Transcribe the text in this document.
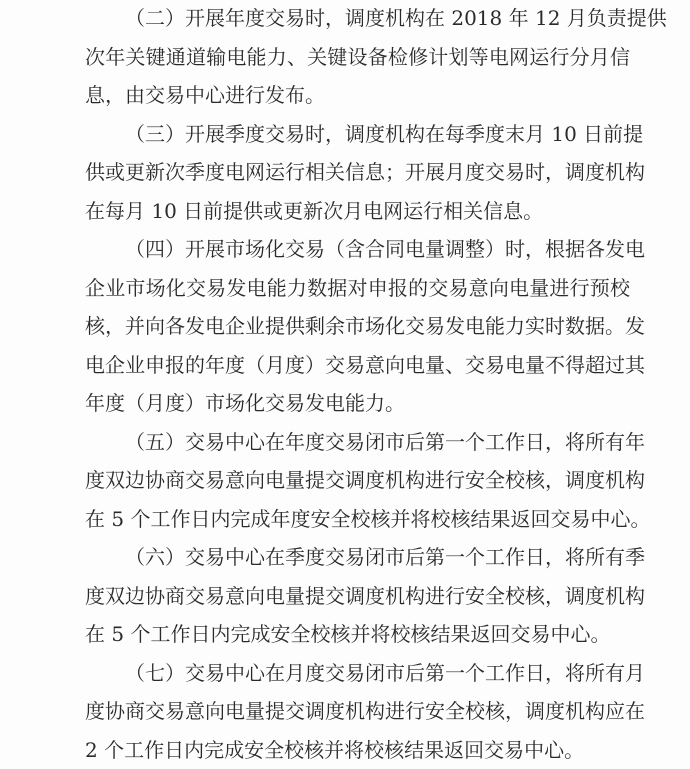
（二）开展年度交易时，调度机构在 2018 年 12 月负责提供
次年关键通道输电能力、关键设备检修计划等电网运行分月信
息，由交易中心进行发布。
（三）开展季度交易时，调度机构在每季度末月 10 日前提
供或更新次季度电网运行相关信息；开展月度交易时，调度机构
在每月 10 日前提供或更新次月电网运行相关信息。
（四）开展市场化交易（含合同电量调整）时，根据各发电
企业市场化交易发电能力数据对申报的交易意向电量进行预校
核，并向各发电企业提供剩余市场化交易发电能力实时数据。发
电企业申报的年度（月度）交易意向电量、交易电量不得超过其
年度（月度）市场化交易发电能力。
（五）交易中心在年度交易闭市后第一个工作日，将所有年
度双边协商交易意向电量提交调度机构进行安全校核，调度机构
在 5 个工作日内完成年度安全校核并将校核结果返回交易中心。
（六）交易中心在季度交易闭市后第一个工作日，将所有季
度双边协商交易意向电量提交调度机构进行安全校核，调度机构
在 5 个工作日内完成安全校核并将校核结果返回交易中心。
（七）交易中心在月度交易闭市后第一个工作日，将所有月
度协商交易意向电量提交调度机构进行安全校核，调度机构应在
2 个工作日内完成安全校核并将校核结果返回交易中心。
